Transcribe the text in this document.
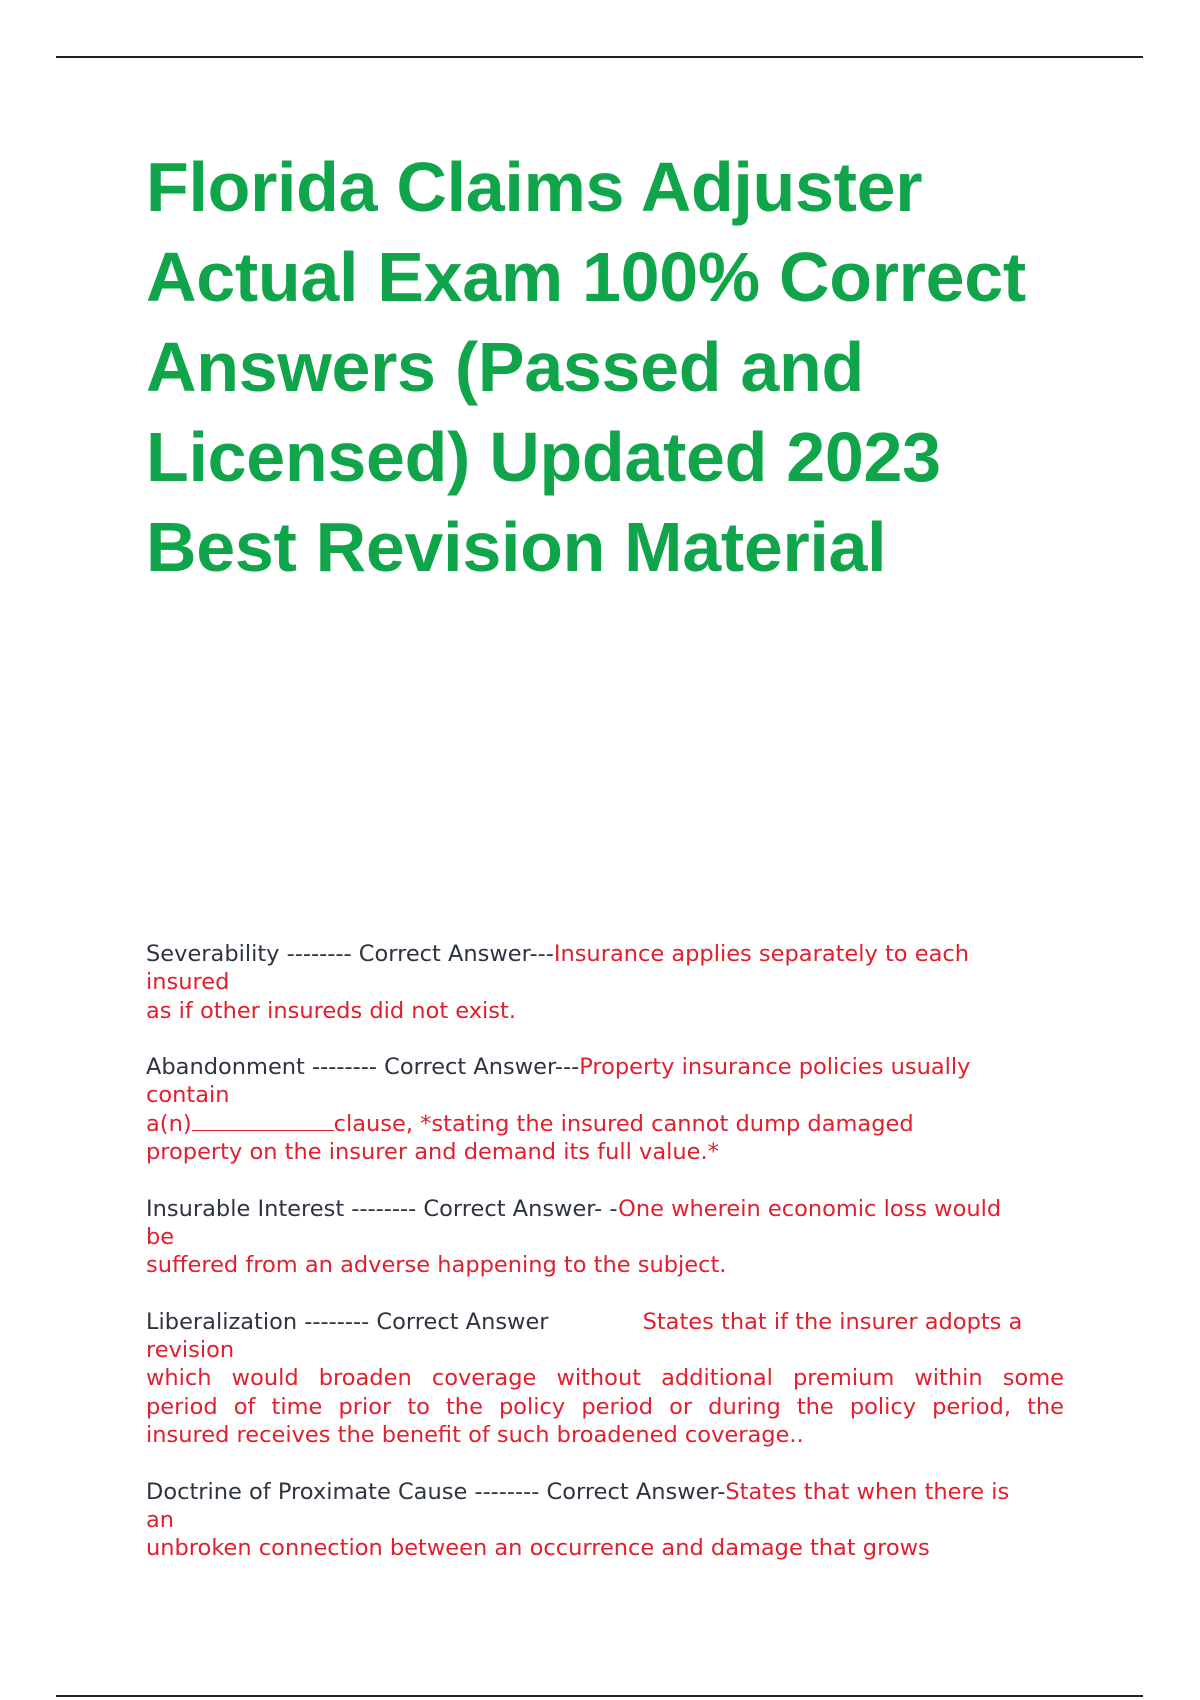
Florida Claims Adjuster
Actual Exam 100% Correct
Answers (Passed and
Licensed) Updated 2023
Best Revision Material
Severability -------- Correct Answer---Insurance applies separately to each
insured
as if other insureds did not exist.
Abandonment -------- Correct Answer---Property insurance policies usually
contain
a(n)	clause, *stating the insured cannot dump damaged
property on the insurer and demand its full value.*
Insurable Interest -------- Correct Answer- -One wherein economic loss would
be
suffered from an adverse happening to the subject.
Liberalization -------- Correct Answer	States that if the insurer adopts a
revision
which would broaden coverage without additional premium within some
period of time prior to the policy period or during the policy period, the
insured receives the benefit of such broadened coverage..
Doctrine of Proximate Cause -------- Correct Answer-States that when there is
an
unbroken connection between an occurrence and damage that grows
